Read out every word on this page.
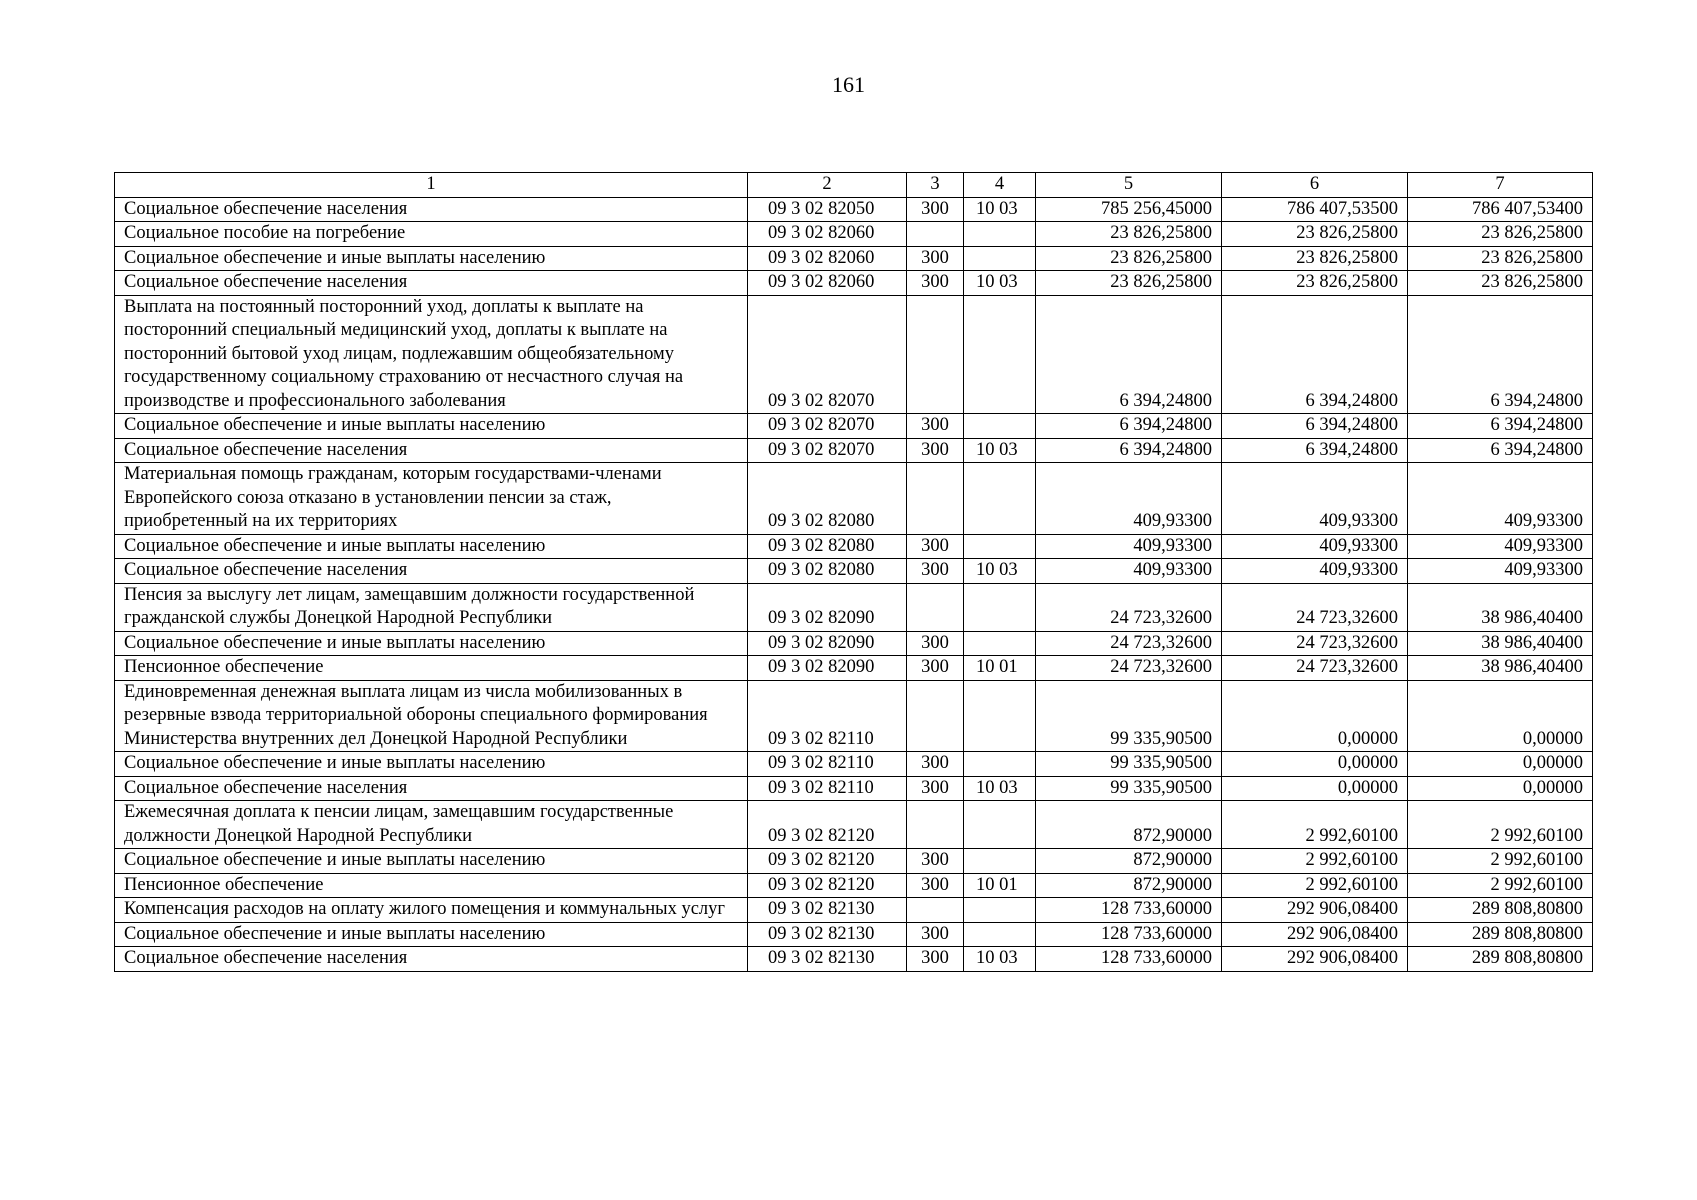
161
1	2	3	4	5	6	7
Социальное обеспечение населения	09 3 02 82050	300	10 03	785 256,45000	786 407,53500	786 407,53400
Социальное пособие на погребение	09 3 02 82060			23 826,25800	23 826,25800	23 826,25800
Социальное обеспечение и иные выплаты населению	09 3 02 82060	300		23 826,25800	23 826,25800	23 826,25800
Социальное обеспечение населения	09 3 02 82060	300	10 03	23 826,25800	23 826,25800	23 826,25800
Выплата на постоянный посторонний уход, доплаты к выплате на посторонний специальный медицинский уход, доплаты к выплате на посторонний бытовой уход лицам, подлежавшим общеобязательному государственному социальному страхованию от несчастного случая на производстве и профессионального заболевания	09 3 02 82070			6 394,24800	6 394,24800	6 394,24800
Социальное обеспечение и иные выплаты населению	09 3 02 82070	300		6 394,24800	6 394,24800	6 394,24800
Социальное обеспечение населения	09 3 02 82070	300	10 03	6 394,24800	6 394,24800	6 394,24800
Материальная помощь гражданам, которым государствами-членами Европейского союза отказано в установлении пенсии за стаж, приобретенный на их территориях	09 3 02 82080			409,93300	409,93300	409,93300
Социальное обеспечение и иные выплаты населению	09 3 02 82080	300		409,93300	409,93300	409,93300
Социальное обеспечение населения	09 3 02 82080	300	10 03	409,93300	409,93300	409,93300
Пенсия за выслугу лет лицам, замещавшим должности государственной гражданской службы Донецкой Народной Республики	09 3 02 82090			24 723,32600	24 723,32600	38 986,40400
Социальное обеспечение и иные выплаты населению	09 3 02 82090	300		24 723,32600	24 723,32600	38 986,40400
Пенсионное обеспечение	09 3 02 82090	300	10 01	24 723,32600	24 723,32600	38 986,40400
Единовременная денежная выплата лицам из числа мобилизованных в резервные взвода территориальной обороны специального формирования Министерства внутренних дел Донецкой Народной Республики	09 3 02 82110			99 335,90500	0,00000	0,00000
Социальное обеспечение и иные выплаты населению	09 3 02 82110	300		99 335,90500	0,00000	0,00000
Социальное обеспечение населения	09 3 02 82110	300	10 03	99 335,90500	0,00000	0,00000
Ежемесячная доплата к пенсии лицам, замещавшим государственные должности Донецкой Народной Республики	09 3 02 82120			872,90000	2 992,60100	2 992,60100
Социальное обеспечение и иные выплаты населению	09 3 02 82120	300		872,90000	2 992,60100	2 992,60100
Пенсионное обеспечение	09 3 02 82120	300	10 01	872,90000	2 992,60100	2 992,60100
Компенсация расходов на оплату жилого помещения и коммунальных услуг	09 3 02 82130			128 733,60000	292 906,08400	289 808,80800
Социальное обеспечение и иные выплаты населению	09 3 02 82130	300		128 733,60000	292 906,08400	289 808,80800
Социальное обеспечение населения	09 3 02 82130	300	10 03	128 733,60000	292 906,08400	289 808,80800
